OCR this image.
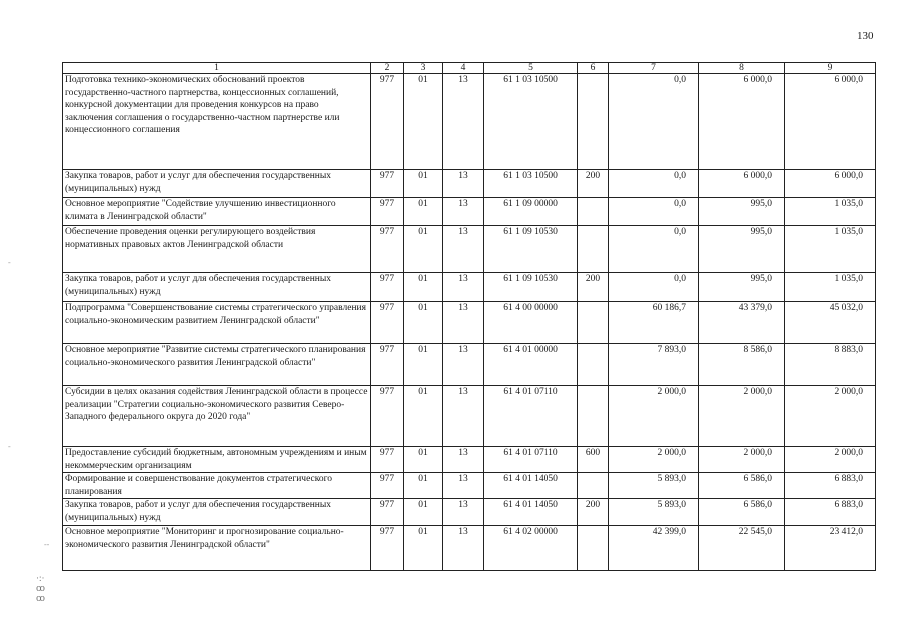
130
1	2	3	4	5	6	7	8	9
Подготовка технико-экономических обоснований проектов государственно-частного партнерства, концессионных соглашений, конкурсной документации для проведения конкурсов на право заключения соглашения о государственно-частном партнерстве или концессионного соглашения	977	01	13	61 1 03 10500		0,0	6 000,0	6 000,0
Закупка товаров, работ и услуг для обеспечения государственных (муниципальных) нужд	977	01	13	61 1 03 10500	200	0,0	6 000,0	6 000,0
Основное мероприятие "Содействие улучшению инвестиционного климата в Ленинградской области"	977	01	13	61 1 09 00000		0,0	995,0	1 035,0
Обеспечение проведения оценки регулирующего воздействия нормативных правовых актов Ленинградской области	977	01	13	61 1 09 10530		0,0	995,0	1 035,0
Закупка товаров, работ и услуг для обеспечения государственных (муниципальных) нужд	977	01	13	61 1 09 10530	200	0,0	995,0	1 035,0
Подпрограмма "Совершенствование системы стратегического управления социально-экономическим развитием Ленинградской области"	977	01	13	61 4 00 00000		60 186,7	43 379,0	45 032,0
Основное мероприятие "Развитие системы стратегического планирования социально-экономического развития Ленинградской области"	977	01	13	61 4 01 00000		7 893,0	8 586,0	8 883,0
Субсидии в целях оказания содействия Ленинградской области в процессе реализации "Стратегии социально-экономического развития Северо-Западного федерального округа до 2020 года"	977	01	13	61 4 01 07110		2 000,0	2 000,0	2 000,0
Предоставление субсидий бюджетным, автономным учреждениям и иным некоммерческим организациям	977	01	13	61 4 01 07110	600	2 000,0	2 000,0	2 000,0
Формирование и совершенствование документов стратегического планирования	977	01	13	61 4 01 14050		5 893,0	6 586,0	6 883,0
Закупка товаров, работ и услуг для обеспечения государственных (муниципальных) нужд	977	01	13	61 4 01 14050	200	5 893,0	6 586,0	6 883,0
Основное мероприятие "Мониторинг и прогнозирование социально-экономического развития Ленинградской области"	977	01	13	61 4 02 00000		42 399,0	22 545,0	23 412,0
·:·
ꝏ
ꝏ
-
-
--
